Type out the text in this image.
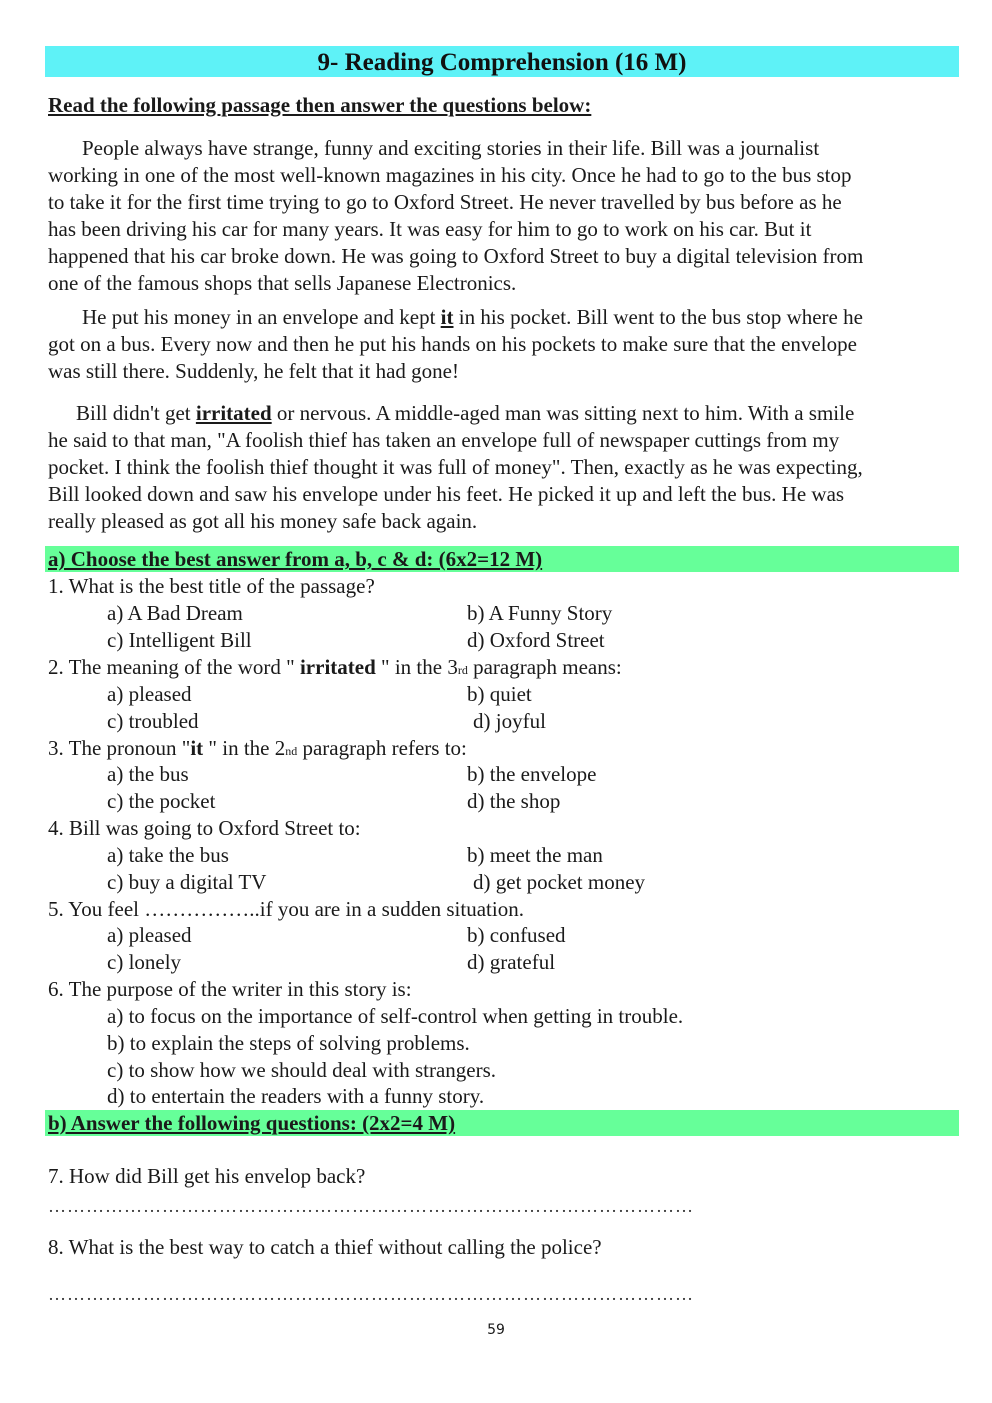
9- Reading Comprehension (16 M)
Read the following passage then answer the questions below:
People always have strange, funny and exciting stories in their life. Bill was a journalist
working in one of the most well-known magazines in his city. Once he had to go to the bus stop
to take it for the first time trying to go to Oxford Street. He never travelled by bus before as he
has been driving his car for many years. It was easy for him to go to work on his car. But it
happened that his car broke down. He was going to Oxford Street to buy a digital television from
one of the famous shops that sells Japanese Electronics.
He put his money in an envelope and kept it in his pocket. Bill went to the bus stop where he
got on a bus. Every now and then he put his hands on his pockets to make sure that the envelope
was still there. Suddenly, he felt that it had gone!
Bill didn't get irritated or nervous. A middle-aged man was sitting next to him. With a smile
he said to that man, "A foolish thief has taken an envelope full of newspaper cuttings from my
pocket. I think the foolish thief thought it was full of money". Then, exactly as he was expecting,
Bill looked down and saw his envelope under his feet. He picked it up and left the bus. He was
really pleased as got all his money safe back again.
a) Choose the best answer from a, b, c & d: (6x2=12 M)
1. What is the best title of the passage?
a) A Bad Dream	b) A Funny Story
c) Intelligent Bill	d) Oxford Street
2. The meaning of the word " irritated " in the 3rd paragraph means:
a) pleased	b) quiet
c) troubled	d) joyful
3. The pronoun "it " in the 2nd paragraph refers to:
a) the bus	b) the envelope
c) the pocket	d) the shop
4. Bill was going to Oxford Street to:
a) take the bus	b) meet the man
c) buy a digital TV	d) get pocket money
5. You feel ……………..if you are in a sudden situation.
a) pleased	b) confused
c) lonely	d) grateful
6. The purpose of the writer in this story is:
a) to focus on the importance of self-control when getting in trouble.
b) to explain the steps of solving problems.
c) to show how we should deal with strangers.
d) to entertain the readers with a funny story.
b) Answer the following questions: (2x2=4 M)
7. How did Bill get his envelop back?
…………………………………………………………………………………………
8. What is the best way to catch a thief without calling the police?
…………………………………………………………………………………………
59
